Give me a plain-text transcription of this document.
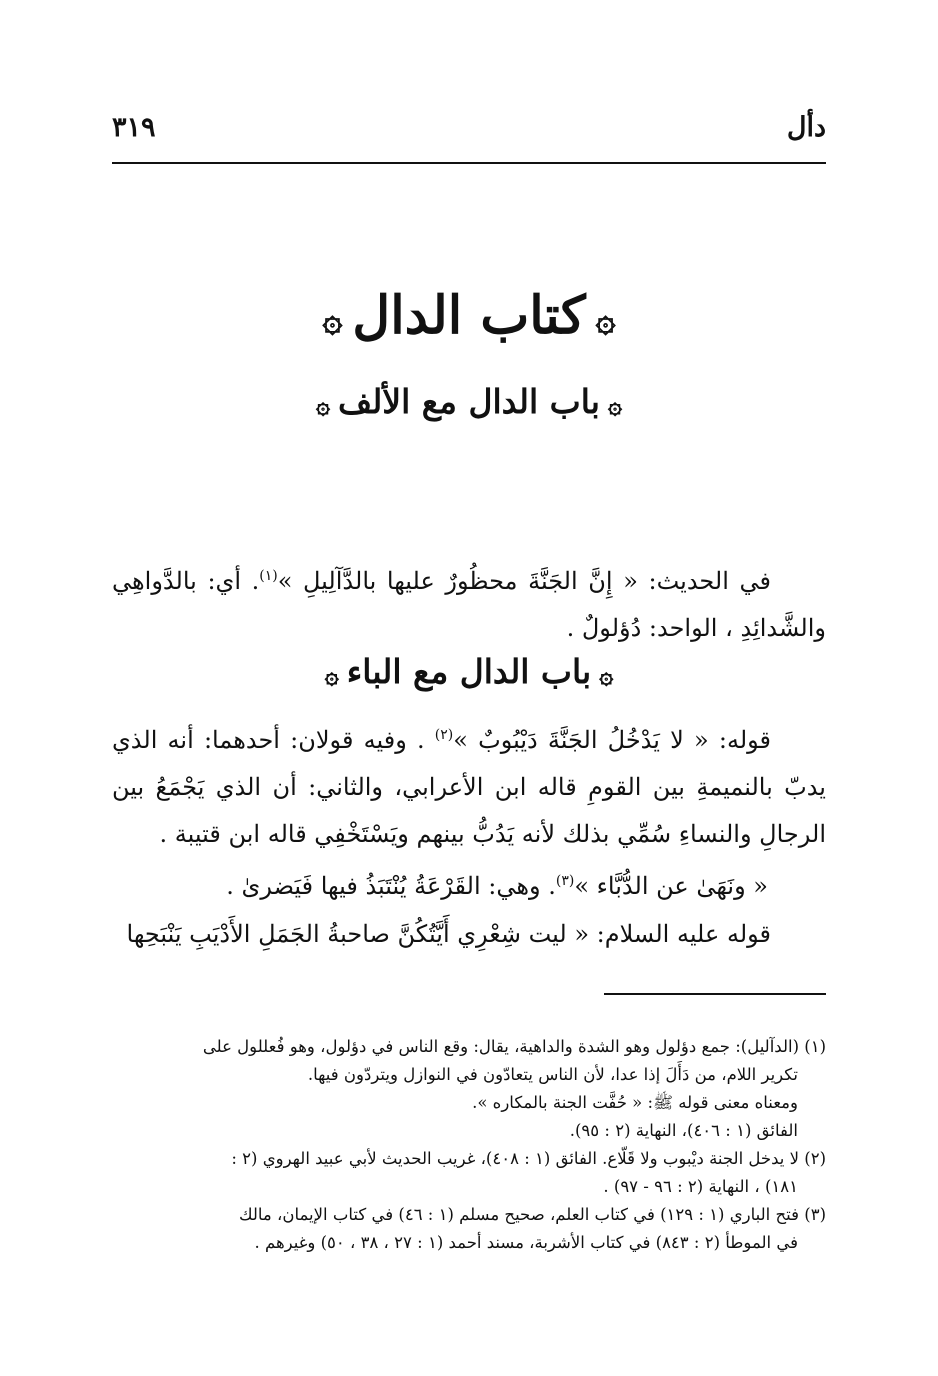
٣١٩	دأل
۞كتاب الدال۞
۞باب الدال مع الألف۞

في الحديث: « إِنَّ الجَنَّةَ محظُورٌ عليها بالدَّآلِيلِ »$^{(١)}$. أي: بالدَّواهِي والشَّدائِدِ ، الواحد: دُؤلولٌ .

۞باب الدال مع الباء۞

قوله: « لا يَدْخُلُ الجَنَّةَ دَيْبُوبٌ »$^{(٢)}$ . وفيه قولان: أحدهما: أنه الذي يدبّ بالنميمةِ بين القومِ قاله ابن الأعرابي، والثاني: أن الذي يَجْمَعُ بين الرجالِ والنساءِ سُمِّي بذلك لأنه يَدُبُّ بينهم ويَسْتَخْفِي قاله ابن قتيبة .

« ونَهَىٰ عن الدُّبَّاء »$^{(٣)}$. وهي: القَرْعَةُ يُنْتَبَذُ فيها فَيَضرىٰ .

قوله عليه السلام: « ليت شِعْرِي أَيَّتُكُنَّ صاحبةُ الجَمَلِ الأَدْيَبِ يَنْبَحِها

(١) (الدآليل): جمع دؤلول وهو الشدة والداهية، يقال: وقع الناس في دؤلول، وهو فُعللول على
تكرير اللام، من دَأَلَ إذا عدا، لأن الناس يتعادّون في النوازل ويتردّون فيها.
ومعناه معنى قوله ﷺ: « حُفَّت الجنة بالمكاره ».
الفائق (١ : ٤٠٦)، النهاية (٢ : ٩٥).
(٢) لا يدخل الجنة ديْبوب ولا قَلّاع. الفائق (١ : ٤٠٨)، غريب الحديث لأبي عبيد الهروي (٢ :
١٨١) ، النهاية (٢ : ٩٦ - ٩٧) .
(٣) فتح الباري (١ : ١٢٩) في كتاب العلم، صحيح مسلم (١ : ٤٦) في كتاب الإيمان، مالك
في الموطأ (٢ : ٨٤٣) في كتاب الأشربة، مسند أحمد (١ : ٢٧ ، ٣٨ ، ٥٠) وغيرهم .
